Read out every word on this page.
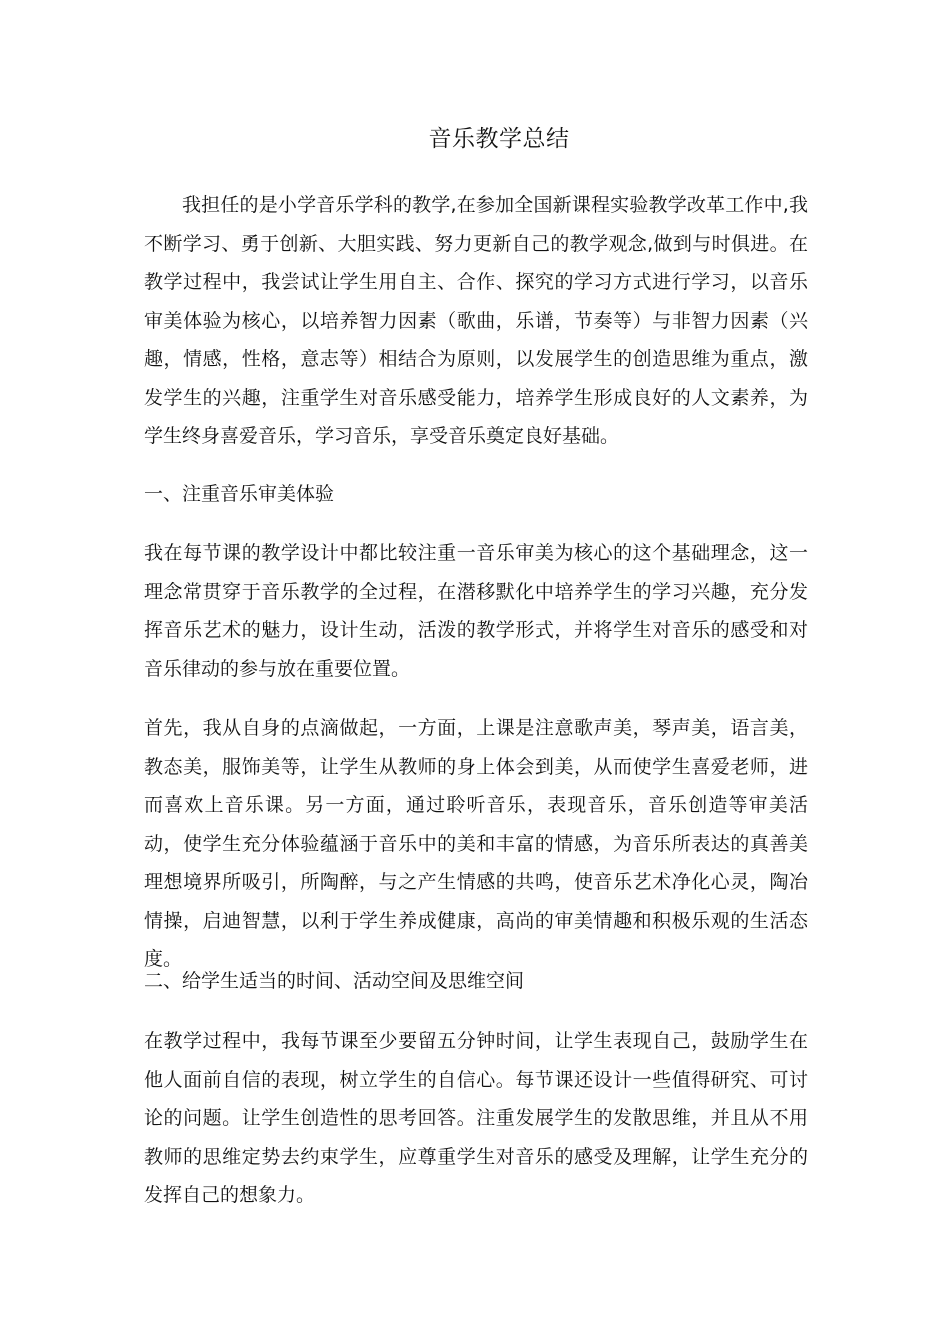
音乐教学总结

我担任的是小学音乐学科的教学,在参加全国新课程实验教学改革工作中,我不断学习、勇于创新、大胆实践、努力更新自己的教学观念,做到与时俱进。在教学过程中，我尝试让学生用自主、合作、探究的学习方式进行学习，以音乐审美体验为核心，以培养智力因素（歌曲，乐谱，节奏等）与非智力因素（兴趣，情感，性格，意志等）相结合为原则，以发展学生的创造思维为重点，激发学生的兴趣，注重学生对音乐感受能力，培养学生形成良好的人文素养，为学生终身喜爱音乐，学习音乐，享受音乐奠定良好基础。

一、注重音乐审美体验

我在每节课的教学设计中都比较注重一音乐审美为核心的这个基础理念，这一理念常贯穿于音乐教学的全过程，在潜移默化中培养学生的学习兴趣，充分发挥音乐艺术的魅力，设计生动，活泼的教学形式，并将学生对音乐的感受和对音乐律动的参与放在重要位置。

首先，我从自身的点滴做起，一方面，上课是注意歌声美，琴声美，语言美，教态美，服饰美等，让学生从教师的身上体会到美，从而使学生喜爱老师，进而喜欢上音乐课。另一方面，通过聆听音乐，表现音乐，音乐创造等审美活动，使学生充分体验蕴涵于音乐中的美和丰富的情感，为音乐所表达的真善美理想境界所吸引，所陶醉，与之产生情感的共鸣，使音乐艺术净化心灵，陶冶情操，启迪智慧，以利于学生养成健康，高尚的审美情趣和积极乐观的生活态度。

二、给学生适当的时间、活动空间及思维空间

在教学过程中，我每节课至少要留五分钟时间，让学生表现自己，鼓励学生在他人面前自信的表现，树立学生的自信心。每节课还设计一些值得研究、可讨论的问题。让学生创造性的思考回答。注重发展学生的发散思维，并且从不用教师的思维定势去约束学生，应尊重学生对音乐的感受及理解，让学生充分的发挥自己的想象力。
